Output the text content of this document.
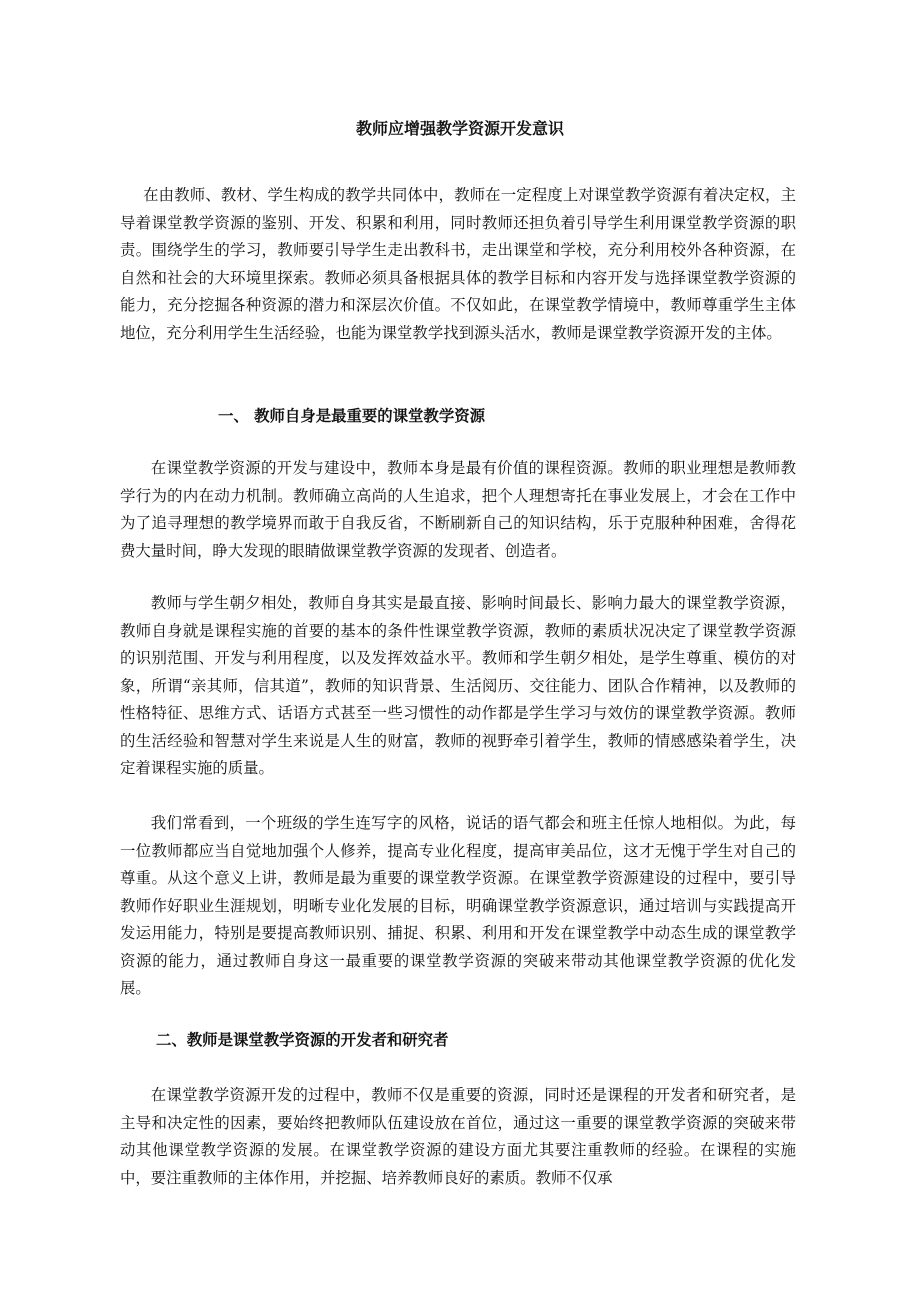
教师应增强教学资源开发意识

在由教师、教材、学生构成的教学共同体中，教师在一定程度上对课堂教学资源有着决定权，主导着课堂教学资源的鉴别、开发、积累和利用，同时教师还担负着引导学生利用课堂教学资源的职责。围绕学生的学习，教师要引导学生走出教科书，走出课堂和学校，充分利用校外各种资源，在自然和社会的大环境里探索。教师必须具备根据具体的教学目标和内容开发与选择课堂教学资源的能力，充分挖掘各种资源的潜力和深层次价值。不仅如此，在课堂教学情境中，教师尊重学生主体地位，充分利用学生生活经验，也能为课堂教学找到源头活水，教师是课堂教学资源开发的主体。

一、 教师自身是最重要的课堂教学资源

在课堂教学资源的开发与建设中，教师本身是最有价值的课程资源。教师的职业理想是教师教学行为的内在动力机制。教师确立高尚的人生追求，把个人理想寄托在事业发展上，才会在工作中为了追寻理想的教学境界而敢于自我反省，不断刷新自己的知识结构，乐于克服种种困难，舍得花费大量时间，睁大发现的眼睛做课堂教学资源的发现者、创造者。

教师与学生朝夕相处，教师自身其实是最直接、影响时间最长、影响力最大的课堂教学资源，教师自身就是课程实施的首要的基本的条件性课堂教学资源，教师的素质状况决定了课堂教学资源的识别范围、开发与利用程度，以及发挥效益水平。教师和学生朝夕相处，是学生尊重、模仿的对象，所谓“亲其师，信其道”，教师的知识背景、生活阅历、交往能力、团队合作精神，以及教师的性格特征、思维方式、话语方式甚至一些习惯性的动作都是学生学习与效仿的课堂教学资源。教师的生活经验和智慧对学生来说是人生的财富，教师的视野牵引着学生，教师的情感感染着学生，决定着课程实施的质量。

我们常看到，一个班级的学生连写字的风格，说话的语气都会和班主任惊人地相似。为此，每一位教师都应当自觉地加强个人修养，提高专业化程度，提高审美品位，这才无愧于学生对自己的尊重。从这个意义上讲，教师是最为重要的课堂教学资源。在课堂教学资源建设的过程中，要引导教师作好职业生涯规划，明晰专业化发展的目标，明确课堂教学资源意识，通过培训与实践提高开发运用能力，特别是要提高教师识别、捕捉、积累、利用和开发在课堂教学中动态生成的课堂教学资源的能力，通过教师自身这一最重要的课堂教学资源的突破来带动其他课堂教学资源的优化发展。

二、教师是课堂教学资源的开发者和研究者

在课堂教学资源开发的过程中，教师不仅是重要的资源，同时还是课程的开发者和研究者，是主导和决定性的因素，要始终把教师队伍建设放在首位，通过这一重要的课堂教学资源的突破来带动其他课堂教学资源的发展。在课堂教学资源的建设方面尤其要注重教师的经验。在课程的实施中，要注重教师的主体作用，并挖掘、培养教师良好的素质。教师不仅承
